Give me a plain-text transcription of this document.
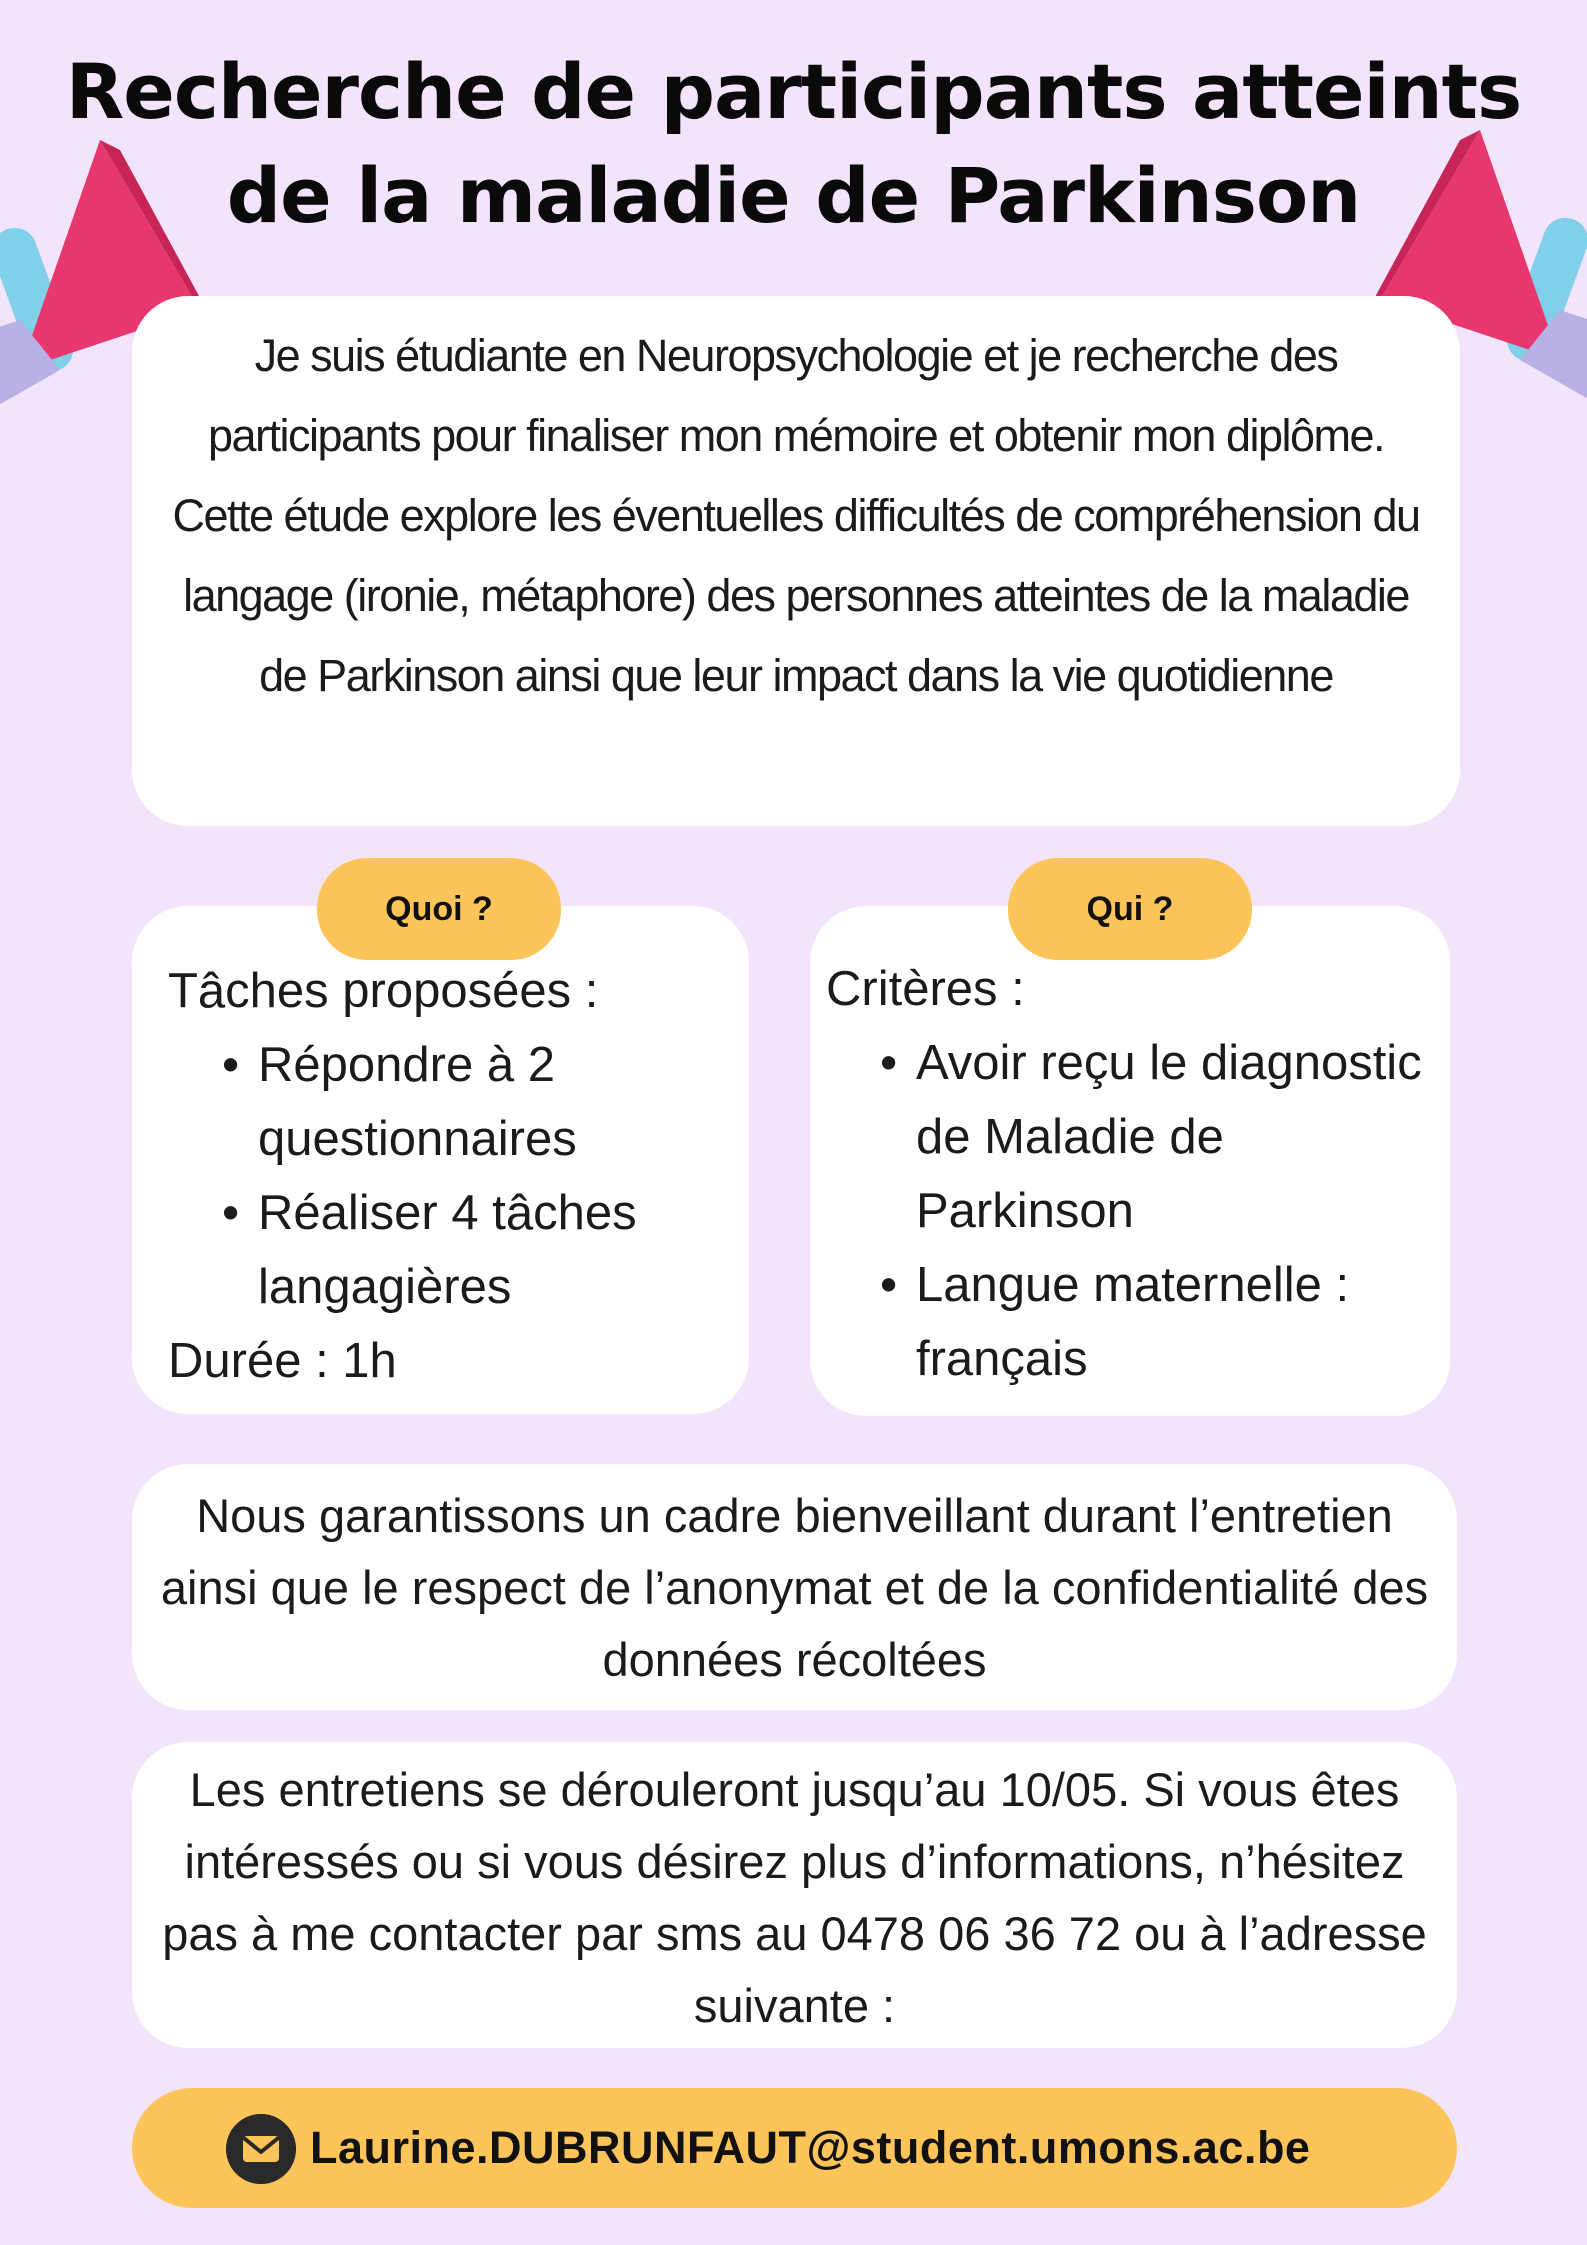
Recherche de participants atteints
de la maladie de Parkinson

Je suis étudiante en Neuropsychologie et je recherche des participants pour finaliser mon mémoire et obtenir mon diplôme. Cette étude explore les éventuelles difficultés de compréhension du langage (ironie, métaphore) des personnes atteintes de la maladie de Parkinson ainsi que leur impact dans la vie quotidienne

Tâches proposées :
• Répondre à 2 questionnaires
• Réaliser 4 tâches langagières
Durée : 1h
Critères :
• Avoir reçu le diagnostic de Maladie de Parkinson
• Langue maternelle : français
Quoi ?	Qui ?

Nous garantissons un cadre bienveillant durant l’entretien ainsi que le respect de l’anonymat et de la confidentialité des données récoltées

Les entretiens se dérouleront jusqu’au 10/05. Si vous êtes intéressés ou si vous désirez plus d’informations, n’hésitez pas à me contacter par sms au 0478 06 36 72 ou à l’adresse suivante :

Laurine.DUBRUNFAUT@student.umons.ac.be
